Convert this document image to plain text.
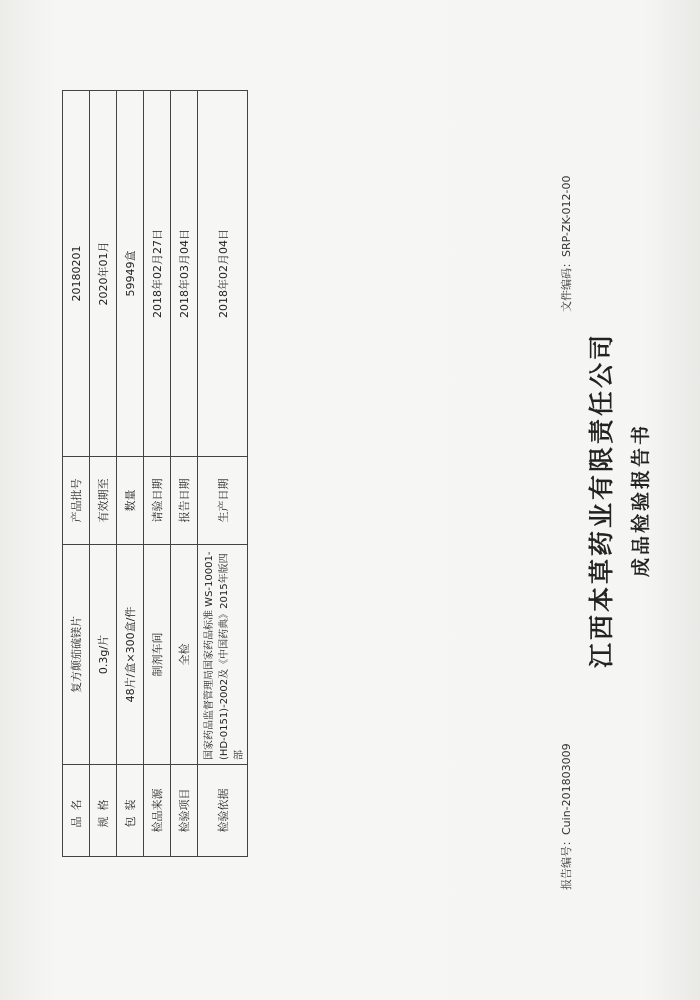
江西本草药业有限责任公司 成品检验报告书
报告编号：Cuin-201803009
文件编码：SRP-ZK-012-00
品名	复方颠茄硫镁片	产品批号	20180201
规格	0.3g/片	有效期至	2020年01月
包装	48片/盒×300盒/件	数量	59949盒
检品来源	制剂车间	请验日期	2018年02月27日
检验项目	全检	报告日期	2018年03月04日
检验依据	国家药品监督管理局国家药品标准 WS-10001-(HD-0151)-2002及《中国药典》2015年版四部	生产日期	2018年02月04日
